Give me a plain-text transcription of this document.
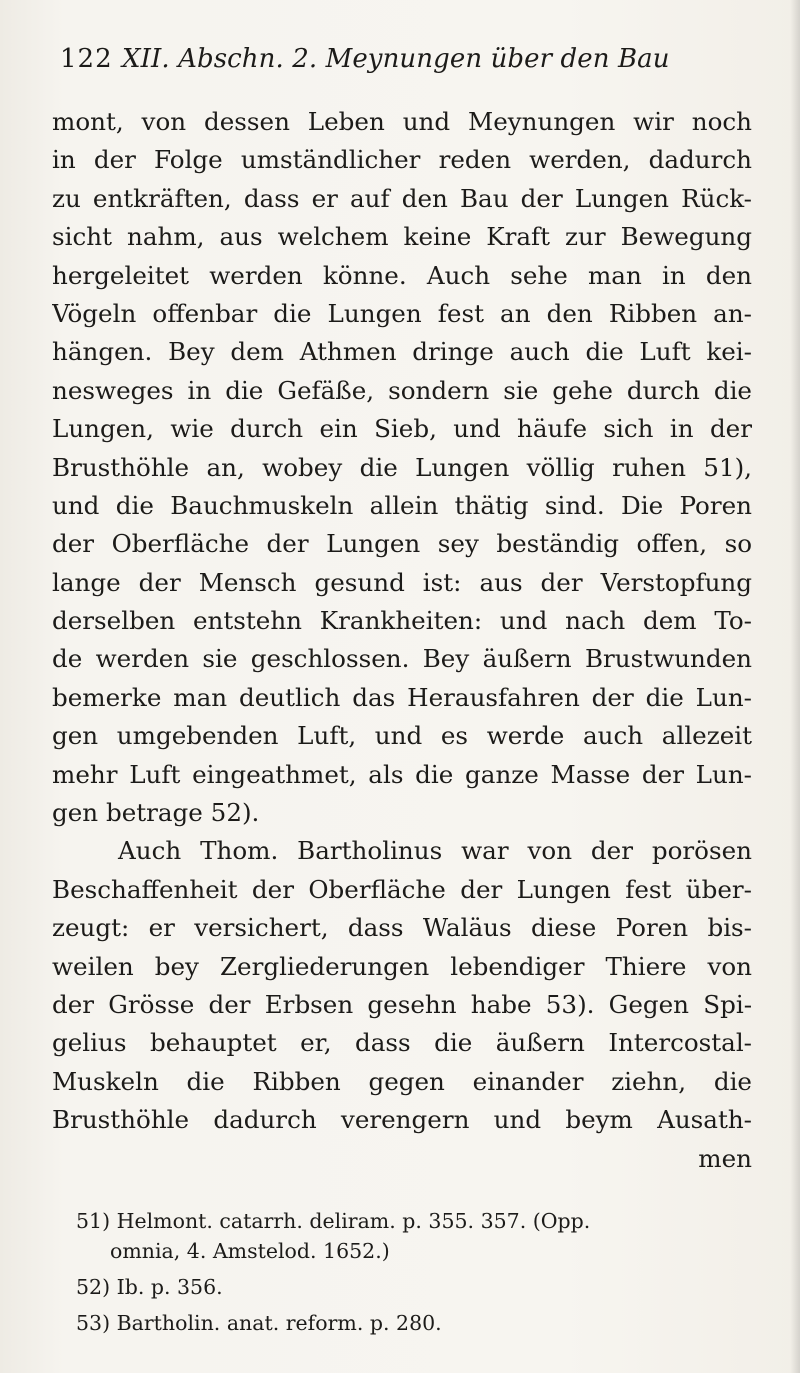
122 XII. Abschn. 2. Meynungen über den Bau
mont, von dessen Leben und Meynungen wir noch
in der Folge umständlicher reden werden, dadurch
zu entkräften, dass er auf den Bau der Lungen Rück-
sicht nahm, aus welchem keine Kraft zur Bewegung
hergeleitet werden könne. Auch sehe man in den
Vögeln offenbar die Lungen fest an den Ribben an-
hängen. Bey dem Athmen dringe auch die Luft kei-
nesweges in die Gefäße, sondern sie gehe durch die
Lungen, wie durch ein Sieb, und häufe sich in der
Brusthöhle an, wobey die Lungen völlig ruhen 51),
und die Bauchmuskeln allein thätig sind. Die Poren
der Oberfläche der Lungen sey beständig offen, so
lange der Mensch gesund ist: aus der Verstopfung
derselben entstehn Krankheiten: und nach dem To-
de werden sie geschlossen. Bey äußern Brustwunden
bemerke man deutlich das Herausfahren der die Lun-
gen umgebenden Luft, und es werde auch allezeit
mehr Luft eingeathmet, als die ganze Masse der Lun-
gen betrage 52).
Auch Thom. Bartholinus war von der porösen
Beschaffenheit der Oberfläche der Lungen fest über-
zeugt: er versichert, dass Waläus diese Poren bis-
weilen bey Zergliederungen lebendiger Thiere von
der Grösse der Erbsen gesehn habe 53). Gegen Spi-
gelius behauptet er, dass die äußern Intercostal-
Muskeln die Ribben gegen einander ziehn, die
Brusthöhle dadurch verengern und beym Ausath-
men
51) Helmont. catarrh. deliram. p. 355. 357. (Opp.
omnia, 4. Amstelod. 1652.)
52) Ib. p. 356.
53) Bartholin. anat. reform. p. 280.
